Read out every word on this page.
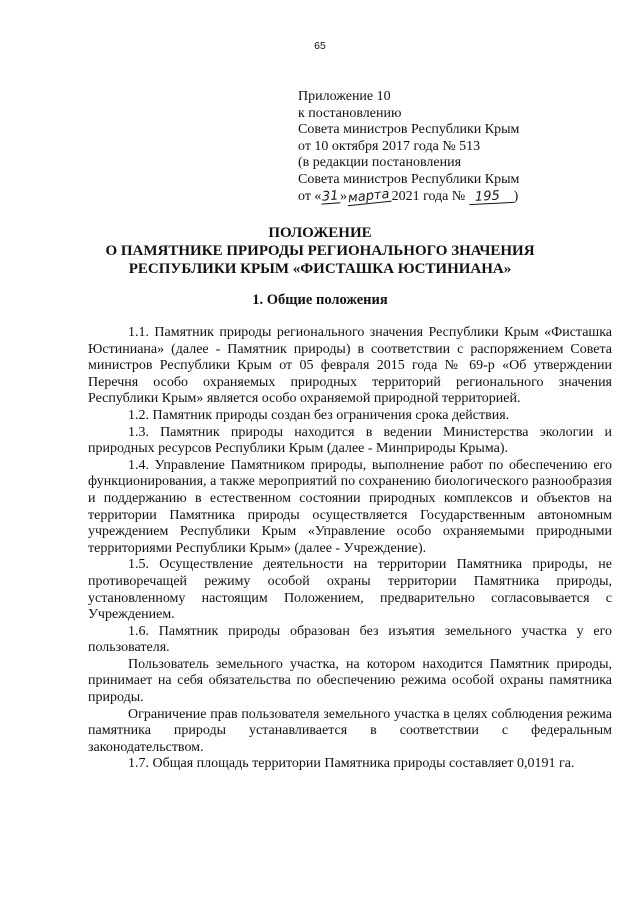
65
Приложение 10
к постановлению
Совета министров Республики Крым
от 10 октября 2017 года № 513
(в редакции постановления
Совета министров Республики Крым
от «31»марта2021 года № 195 )
ПОЛОЖЕНИЕ
О ПАМЯТНИКЕ ПРИРОДЫ РЕГИОНАЛЬНОГО ЗНАЧЕНИЯ
РЕСПУБЛИКИ КРЫМ «ФИСТАШКА ЮСТИНИАНА»
1. Общие положения

1.1. Памятник природы регионального значения Республики Крым «Фисташка Юстиниана» (далее - Памятник природы) в соответствии с распоряжением Совета министров Республики Крым от 05 февраля 2015 года № 69-р «Об утверждении Перечня особо охраняемых природных территорий регионального значения Республики Крым» является особо охраняемой природной территорией.

1.2. Памятник природы создан без ограничения срока действия.

1.3. Памятник природы находится в ведении Министерства экологии и природных ресурсов Республики Крым (далее - Минприроды Крыма).

1.4. Управление Памятником природы, выполнение работ по обеспечению его функционирования, а также мероприятий по сохранению биологического разнообразия и поддержанию в естественном состоянии природных комплексов и объектов на территории Памятника природы осуществляется Государственным автономным учреждением Республики Крым «Управление особо охраняемыми природными территориями Республики Крым» (далее - Учреждение).

1.5. Осуществление деятельности на территории Памятника природы, не противоречащей режиму особой охраны территории Памятника природы, установленному настоящим Положением, предварительно согласовывается с Учреждением.

1.6. Памятник природы образован без изъятия земельного участка у его пользователя.

Пользователь земельного участка, на котором находится Памятник природы, принимает на себя обязательства по обеспечению режима особой охраны памятника природы.

Ограничение прав пользователя земельного участка в целях соблюдения режима памятника природы устанавливается в соответствии с федеральным законодательством.

1.7. Общая площадь территории Памятника природы составляет 0,0191 га.
